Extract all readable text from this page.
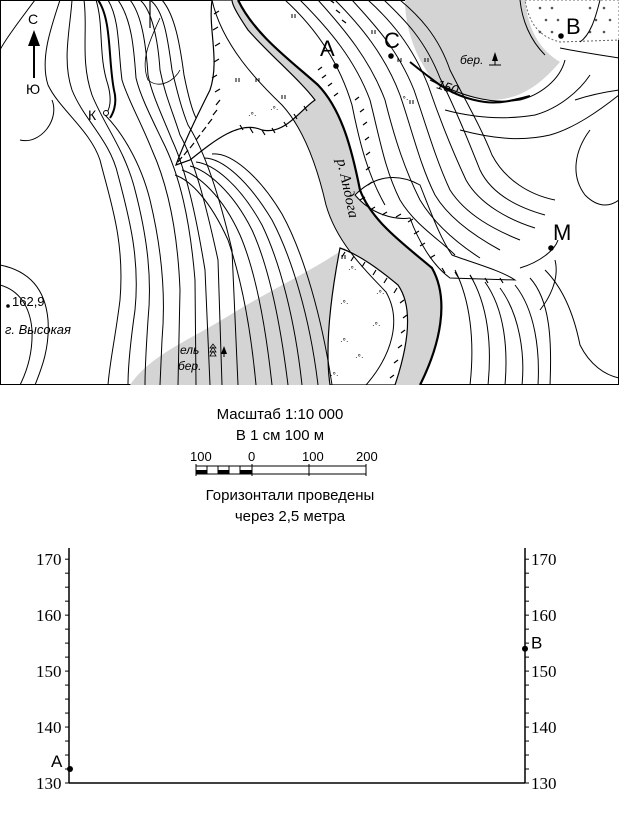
·°·
·°·
·°·
·°·
·°·
·°·
·°·
·°·
·°·
·°·
С
Ю
А С
В
М
К
р. Андога
150
бер.
ель
бер.
162,9
г. Высокая
Масштаб 1:10 000
В 1 см 100 м
100	0	100 200
Горизонтали проведены
через 2,5 метра
170	170
160	160
150	150
140	140
130	130
А
В
